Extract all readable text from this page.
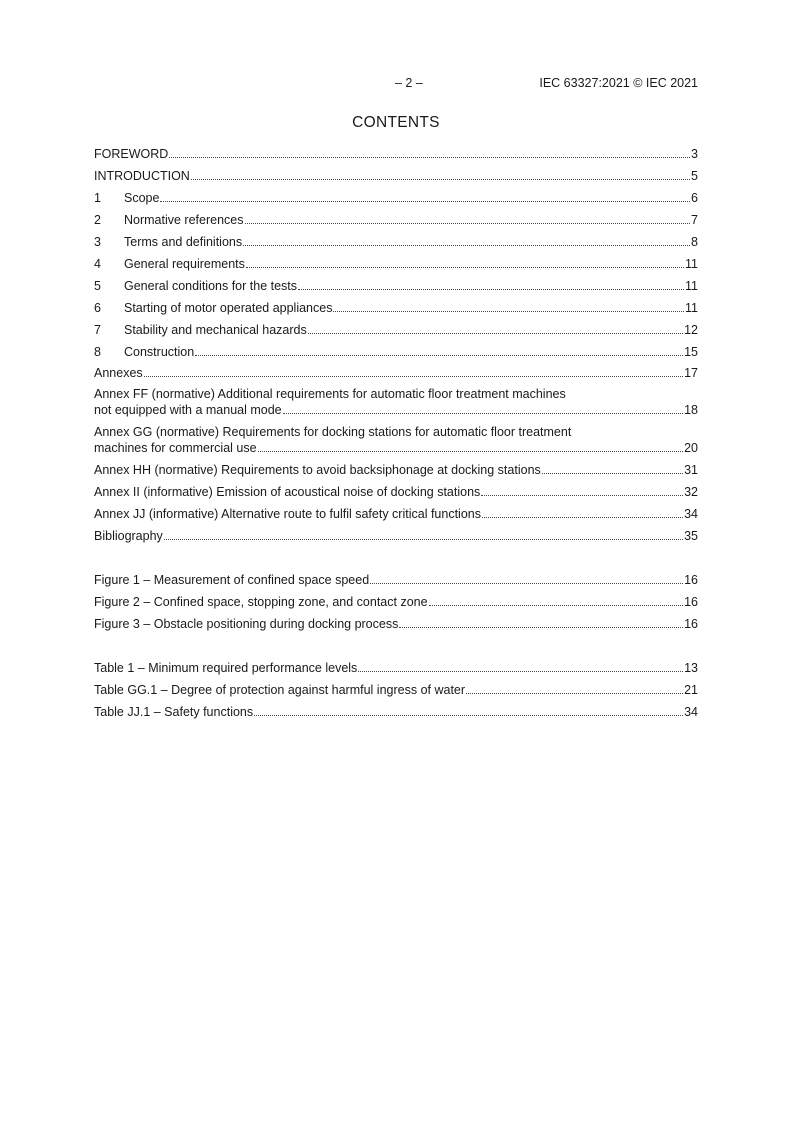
– 2 –	IEC 63327:2021 © IEC 2021
CONTENTS
FOREWORD	3
INTRODUCTION	5
1	Scope	6
2	Normative references	7
3	Terms and definitions	8
4	General requirements	11
5	General conditions for the tests	11
6	Starting of motor operated appliances	11
7	Stability and mechanical hazards	12
8	Construction	15
Annexes	17
Annex FF (normative) Additional requirements for automatic floor treatment machines
not equipped with a manual mode	18
Annex GG (normative) Requirements for docking stations for automatic floor treatment
machines for commercial use	20
Annex HH (normative) Requirements to avoid backsiphonage at docking stations	31
Annex II (informative) Emission of acoustical noise of docking stations	32
Annex JJ (informative) Alternative route to fulfil safety critical functions	34
Bibliography	35
Figure 1 – Measurement of confined space speed	16
Figure 2 – Confined space, stopping zone, and contact zone	16
Figure 3 – Obstacle positioning during docking process	16
Table 1 – Minimum required performance levels	13
Table GG.1 – Degree of protection against harmful ingress of water	21
Table JJ.1 – Safety functions	34
